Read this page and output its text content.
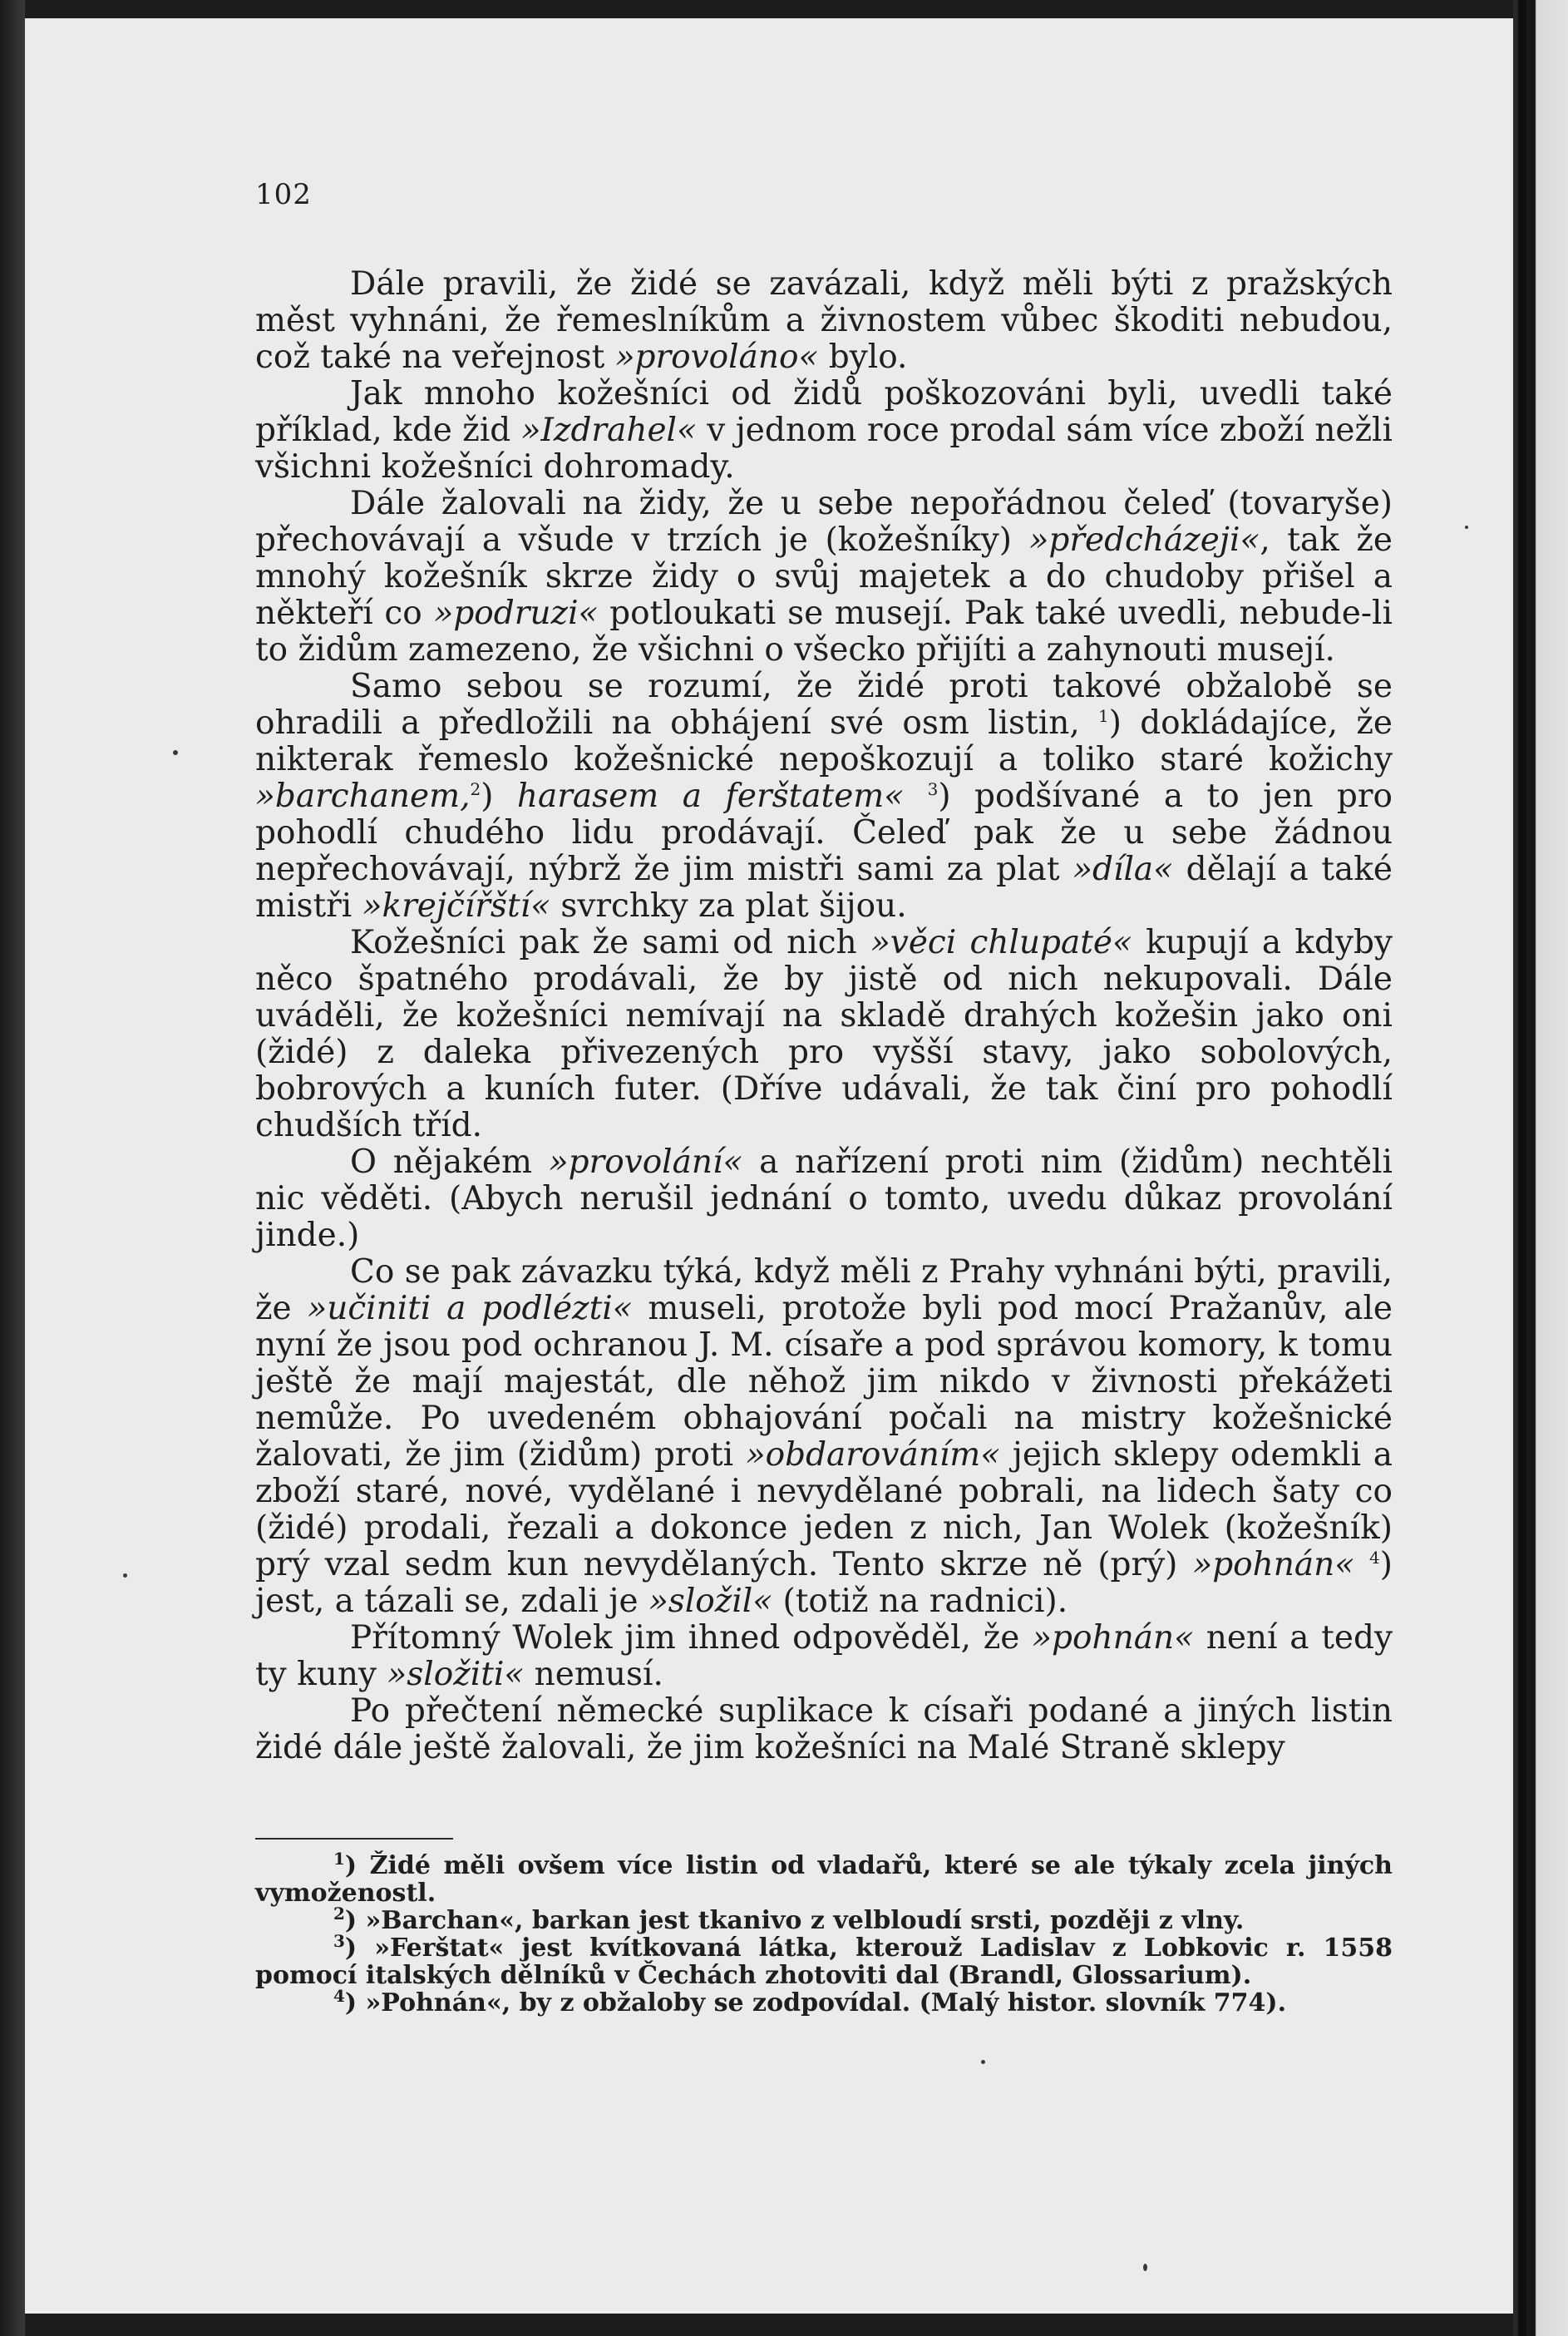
102

Dále pravili, že židé se zavázali, když měli býti z pražských měst vyhnáni, že řemeslníkům a živnostem vůbec škoditi nebudou, což také na veřejnost »provoláno« bylo.

Jak mnoho kožešníci od židů poškozováni byli, uvedli také příklad, kde žid »Izdrahel« v jednom roce prodal sám více zboží nežli všichni kožešníci dohromady.

Dále žalovali na židy, že u sebe nepořádnou čeleď (tovaryše) přechovávají a všude v trzích je (kožešníky) »předcházeji«, tak že mnohý kožešník skrze židy o svůj majetek a do chudoby přišel a někteří co »podruzi« potloukati se musejí. Pak také uvedli, nebude-li to židům zamezeno, že všichni o všecko přijíti a zahynouti musejí.

Samo sebou se rozumí, že židé proti takové obžalobě se ohradili a předložili na obhájení své osm listin, $^1$) dokládajíce, že nikterak řemeslo kožešnické nepoškozují a toliko staré kožichy »barchanem,$^2$) harasem a ferštatem« $^3$) podšívané a to jen pro pohodlí chudého lidu prodávají. Čeleď pak že u sebe žádnou nepřechovávají, nýbrž že jim mistři sami za plat »díla« dělají a také mistři »krejčířští« svrchky za plat šijou.

Kožešníci pak že sami od nich »věci chlupaté« kupují a kdyby něco špatného prodávali, že by jistě od nich nekupovali. Dále uváděli, že kožešníci nemívají na skladě drahých kožešin jako oni (židé) z daleka přivezených pro vyšší stavy, jako sobolových, bobrových a kuních futer. (Dříve udávali, že tak činí pro pohodlí chudších tříd.

O nějakém »provolání« a nařízení proti nim (židům) nechtěli nic věděti. (Abych nerušil jednání o tomto, uvedu důkaz provolání jinde.)

Co se pak závazku týká, když měli z Prahy vyhnáni býti, pravili, že »učiniti a podlézti« museli, protože byli pod mocí Pražanův, ale nyní že jsou pod ochranou J. M. císaře a pod správou komory, k tomu ještě že mají majestát, dle něhož jim nikdo v živnosti překážeti nemůže. Po uvedeném obhajování počali na mistry kožešnické žalovati, že jim (židům) proti »obdarováním« jejich sklepy odemkli a zboží staré, nové, vydělané i nevydělané pobrali, na lidech šaty co (židé) prodali, řezali a dokonce jeden z nich, Jan Wolek (kožešník) prý vzal sedm kun nevydělaných. Tento skrze ně (prý) »pohnán« $^4$) jest, a tázali se, zdali je »složil« (totiž na radnici).

Přítomný Wolek jim ihned odpověděl, že »pohnán« není a tedy ty kuny »složiti« nemusí.

Po přečtení německé suplikace k císaři podané a jiných listin židé dále ještě žalovali, že jim kožešníci na Malé Straně sklepy

$^1$) Židé měli ovšem více listin od vladařů, které se ale týkaly zcela jiných vymoženostl.

$^2$) »Barchan«, barkan jest tkanivo z velbloudí srsti, později z vlny.

$^3$) »Ferštat« jest kvítkovaná látka, kterouž Ladislav z Lobkovic r. 1558 pomocí italských dělníků v Čechách zhotoviti dal (Brandl, Glossarium).

$^4$) »Pohnán«, by z obžaloby se zodpovídal. (Malý histor. slovník 774).
